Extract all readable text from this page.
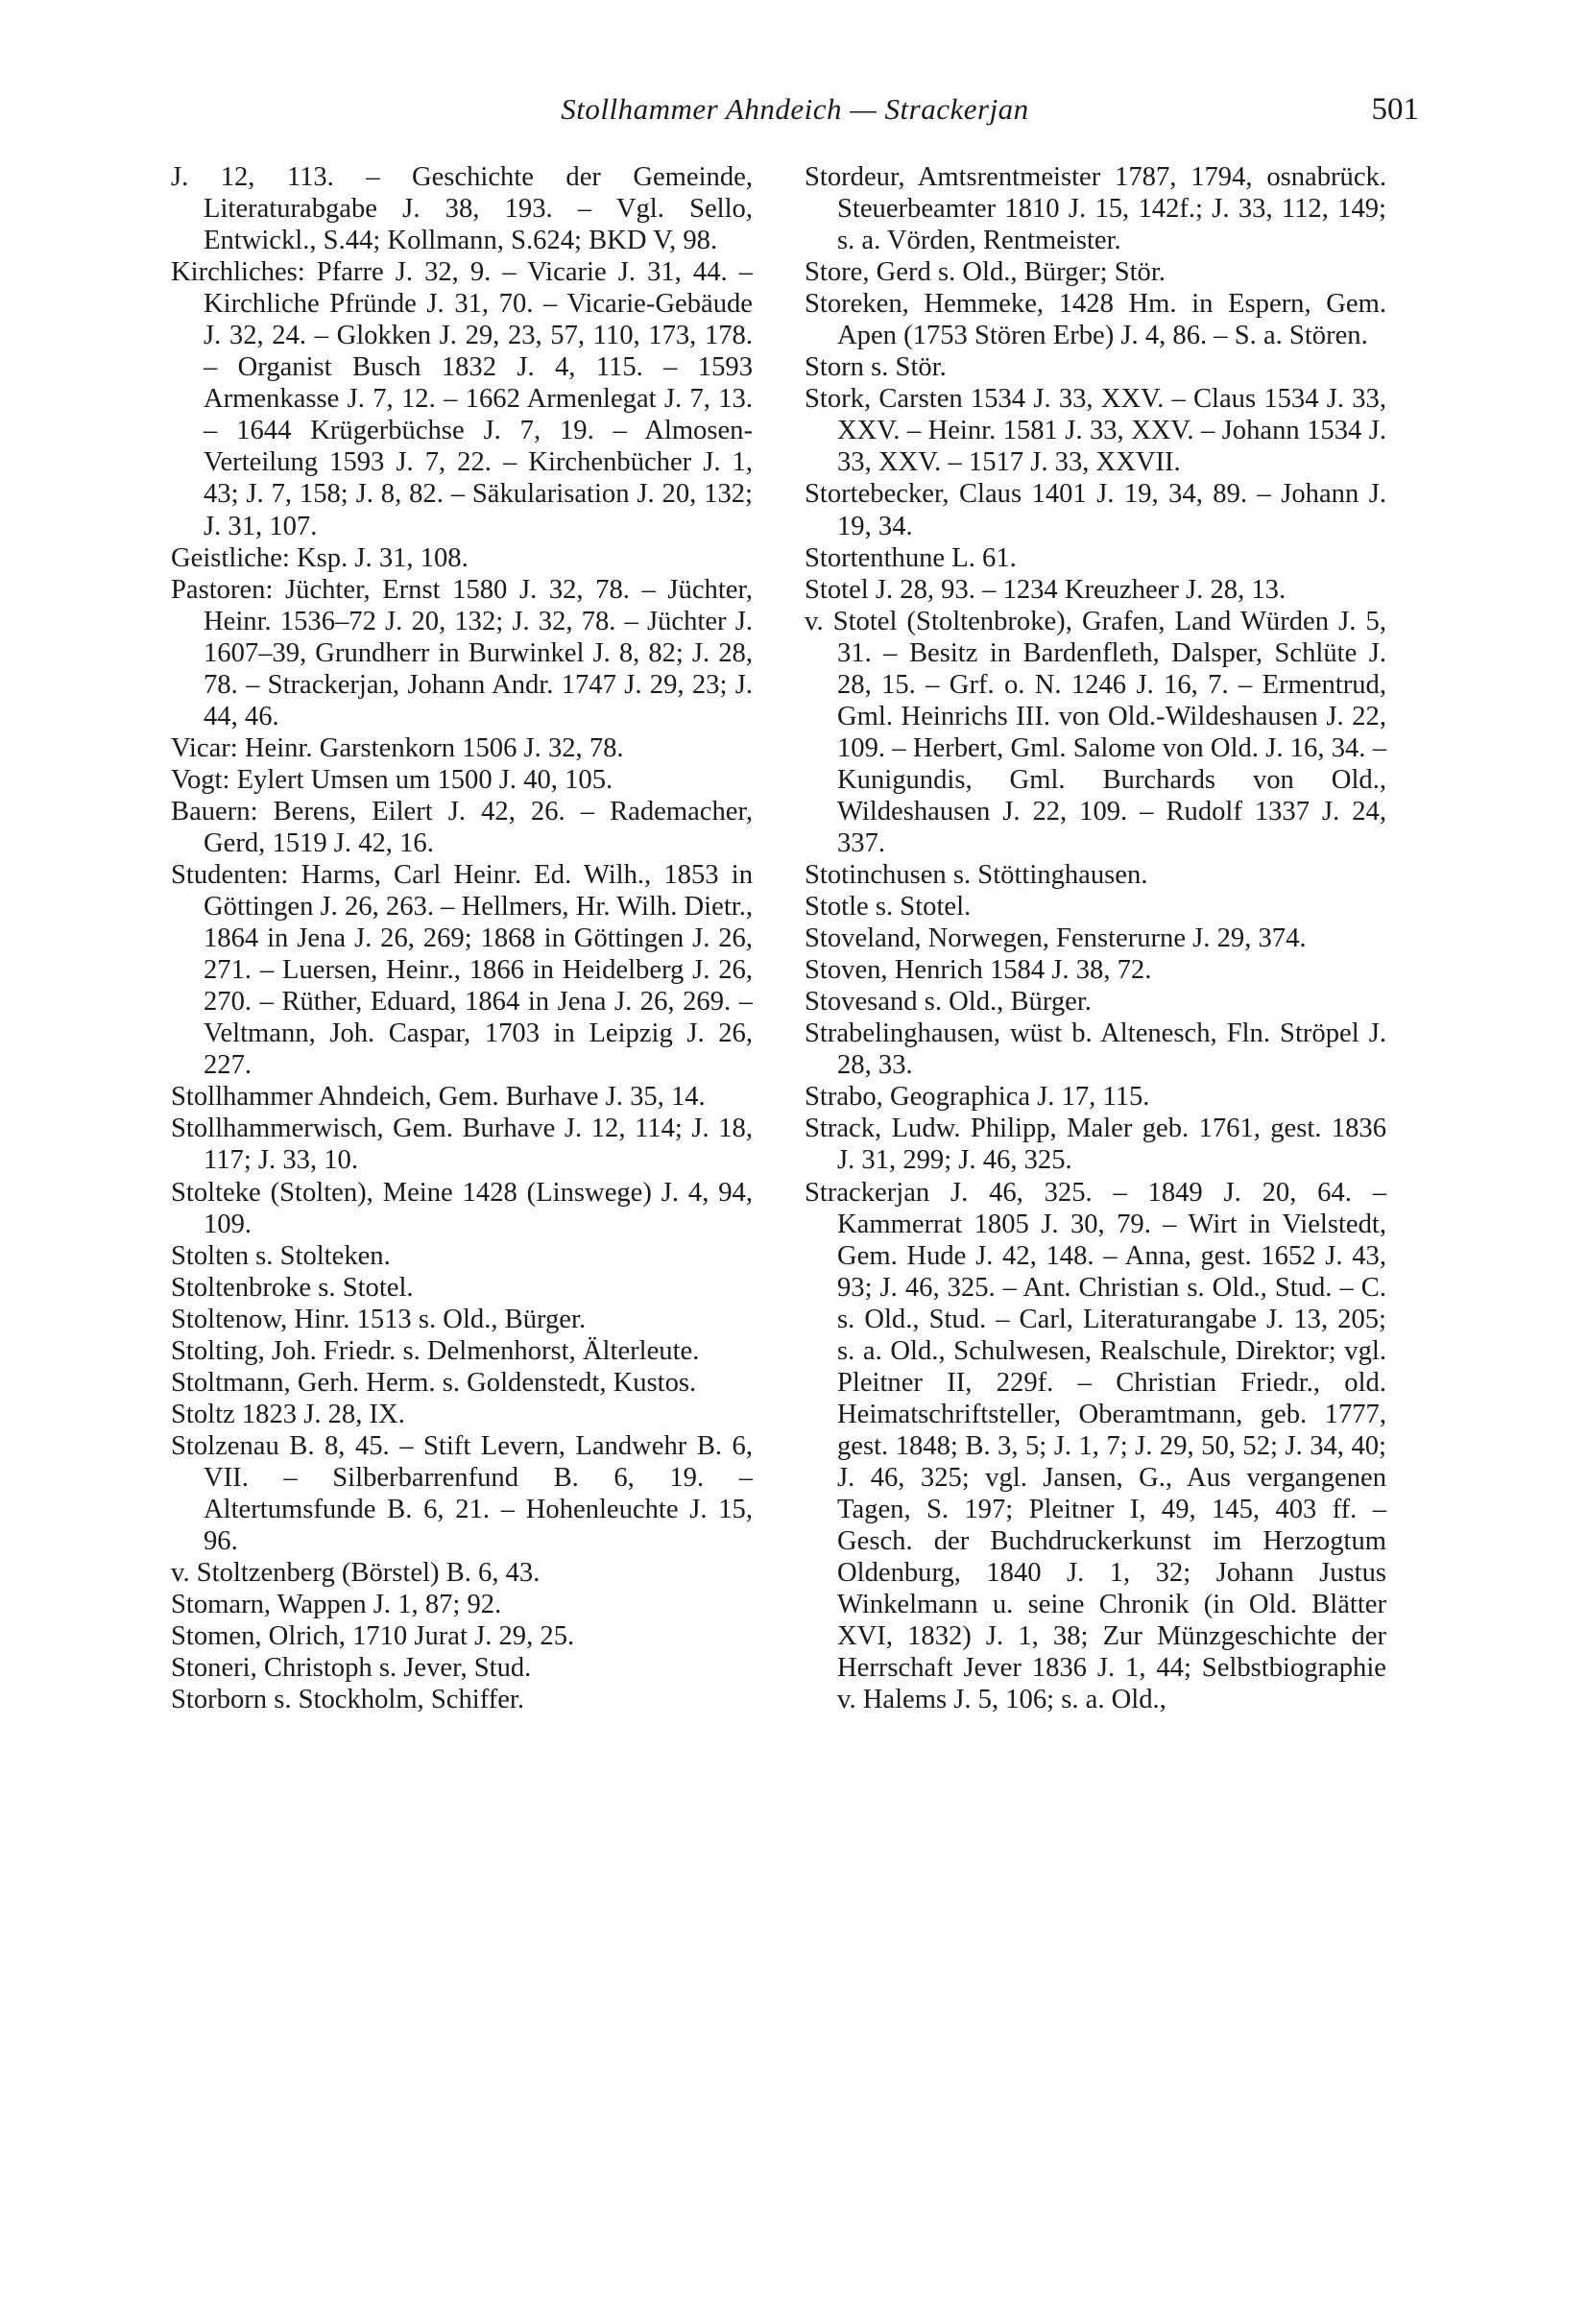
Stollhammer Ahndeich — Strackerjan	501

J. 12, 113. – Geschichte der Gemeinde, Literaturabgabe J. 38, 193. – Vgl. Sello, Entwickl., S.44; Kollmann, S.624; BKD V, 98.

Kirchliches: Pfarre J. 32, 9. – Vicarie J. 31, 44. – Kirchliche Pfründe J. 31, 70. – Vicarie-Gebäude J. 32, 24. – Glokken J. 29, 23, 57, 110, 173, 178. – Organist Busch 1832 J. 4, 115. – 1593 Armenkasse J. 7, 12. – 1662 Armenlegat J. 7, 13. – 1644 Krügerbüchse J. 7, 19. – Almosen-Verteilung 1593 J. 7, 22. – Kirchenbücher J. 1, 43; J. 7, 158; J. 8, 82. – Säkularisation J. 20, 132; J. 31, 107.

Geistliche: Ksp. J. 31, 108.

Pastoren: Jüchter, Ernst 1580 J. 32, 78. – Jüchter, Heinr. 1536–72 J. 20, 132; J. 32, 78. – Jüchter J. 1607–39, Grundherr in Burwinkel J. 8, 82; J. 28, 78. – Strackerjan, Johann Andr. 1747 J. 29, 23; J. 44, 46.

Vicar: Heinr. Garstenkorn 1506 J. 32, 78.

Vogt: Eylert Umsen um 1500 J. 40, 105.

Bauern: Berens, Eilert J. 42, 26. – Rademacher, Gerd, 1519 J. 42, 16.

Studenten: Harms, Carl Heinr. Ed. Wilh., 1853 in Göttingen J. 26, 263. – Hellmers, Hr. Wilh. Dietr., 1864 in Jena J. 26, 269; 1868 in Göttingen J. 26, 271. – Luersen, Heinr., 1866 in Heidelberg J. 26, 270. – Rüther, Eduard, 1864 in Jena J. 26, 269. – Veltmann, Joh. Caspar, 1703 in Leipzig J. 26, 227.

Stollhammer Ahndeich, Gem. Burhave J. 35, 14.

Stollhammerwisch, Gem. Burhave J. 12, 114; J. 18, 117; J. 33, 10.

Stolteke (Stolten), Meine 1428 (Linswege) J. 4, 94, 109.

Stolten s. Stolteken.

Stoltenbroke s. Stotel.

Stoltenow, Hinr. 1513 s. Old., Bürger.

Stolting, Joh. Friedr. s. Delmenhorst, Älterleute.

Stoltmann, Gerh. Herm. s. Goldenstedt, Kustos.

Stoltz 1823 J. 28, IX.

Stolzenau B. 8, 45. – Stift Levern, Landwehr B. 6, VII. – Silberbarrenfund B. 6, 19. – Altertumsfunde B. 6, 21. – Hohenleuchte J. 15, 96.

v. Stoltzenberg (Börstel) B. 6, 43.

Stomarn, Wappen J. 1, 87; 92.

Stomen, Olrich, 1710 Jurat J. 29, 25.

Stoneri, Christoph s. Jever, Stud.

Storborn s. Stockholm, Schiffer.

Stordeur, Amtsrentmeister 1787, 1794, osnabrück. Steuerbeamter 1810 J. 15, 142f.; J. 33, 112, 149; s. a. Vörden, Rentmeister.

Store, Gerd s. Old., Bürger; Stör.

Storeken, Hemmeke, 1428 Hm. in Espern, Gem. Apen (1753 Stören Erbe) J. 4, 86. – S. a. Stören.

Storn s. Stör.

Stork, Carsten 1534 J. 33, XXV. – Claus 1534 J. 33, XXV. – Heinr. 1581 J. 33, XXV. – Johann 1534 J. 33, XXV. – 1517 J. 33, XXVII.

Stortebecker, Claus 1401 J. 19, 34, 89. – Johann J. 19, 34.

Stortenthune L. 61.

Stotel J. 28, 93. – 1234 Kreuzheer J. 28, 13.

v. Stotel (Stoltenbroke), Grafen, Land Würden J. 5, 31. – Besitz in Bardenfleth, Dalsper, Schlüte J. 28, 15. – Grf. o. N. 1246 J. 16, 7. – Ermentrud, Gml. Heinrichs III. von Old.-Wildeshausen J. 22, 109. – Herbert, Gml. Salome von Old. J. 16, 34. – Kunigundis, Gml. Burchards von Old., Wildeshausen J. 22, 109. – Rudolf 1337 J. 24, 337.

Stotinchusen s. Stöttinghausen.

Stotle s. Stotel.

Stoveland, Norwegen, Fensterurne J. 29, 374.

Stoven, Henrich 1584 J. 38, 72.

Stovesand s. Old., Bürger.

Strabelinghausen, wüst b. Altenesch, Fln. Ströpel J. 28, 33.

Strabo, Geographica J. 17, 115.

Strack, Ludw. Philipp, Maler geb. 1761, gest. 1836 J. 31, 299; J. 46, 325.

Strackerjan J. 46, 325. – 1849 J. 20, 64. – Kammerrat 1805 J. 30, 79. – Wirt in Vielstedt, Gem. Hude J. 42, 148. – Anna, gest. 1652 J. 43, 93; J. 46, 325. – Ant. Christian s. Old., Stud. – C. s. Old., Stud. – Carl, Literaturangabe J. 13, 205; s. a. Old., Schulwesen, Realschule, Direktor; vgl. Pleitner II, 229f. – Christian Friedr., old. Heimatschriftsteller, Oberamtmann, geb. 1777, gest. 1848; B. 3, 5; J. 1, 7; J. 29, 50, 52; J. 34, 40; J. 46, 325; vgl. Jansen, G., Aus vergangenen Tagen, S. 197; Pleitner I, 49, 145, 403 ff. – Gesch. der Buchdruckerkunst im Herzogtum Oldenburg, 1840 J. 1, 32; Johann Justus Winkelmann u. seine Chronik (in Old. Blätter XVI, 1832) J. 1, 38; Zur Münzgeschichte der Herrschaft Jever 1836 J. 1, 44; Selbstbiographie v. Halems J. 5, 106; s. a. Old.,
